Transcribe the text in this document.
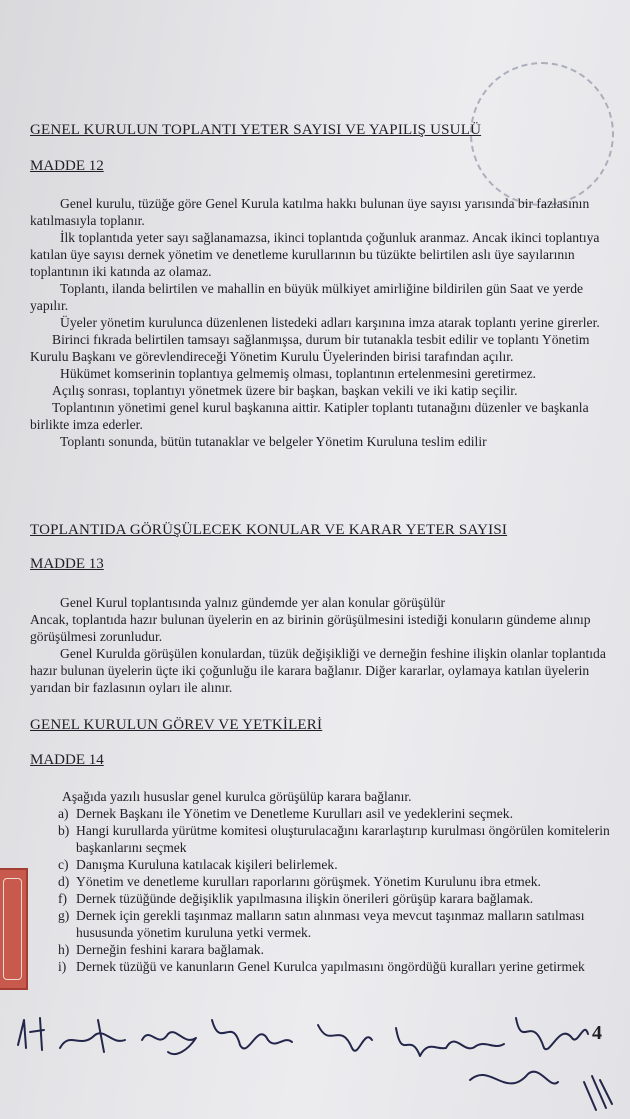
GENEL KURULUN TOPLANTI YETER SAYISI VE YAPILIŞ USULÜ
MADDE 12

Genel kurulu, tüzüğe göre Genel Kurula katılma hakkı bulunan üye sayısı yarısında bir fazlasının katılmasıyla toplanır.

İlk toplantıda yeter sayı sağlanamazsa, ikinci toplantıda çoğunluk aranmaz. Ancak ikinci toplantıya katılan üye sayısı dernek yönetim ve denetleme kurullarının bu tüzükte belirtilen aslı üye sayılarının toplantının iki katında az olamaz.

Toplantı, ilanda belirtilen ve mahallin en büyük mülkiyet amirliğine bildirilen gün Saat ve yerde yapılır.

Üyeler yönetim kurulunca düzenlenen listedeki adları karşınına imza atarak toplantı yerine girerler.

Birinci fıkrada belirtilen tamsayı sağlanmışsa, durum bir tutanakla tesbit edilir ve toplantı Yönetim Kurulu Başkanı ve görevlendireceği Yönetim Kurulu Üyelerinden birisi tarafından açılır.

Hükümet komserinin toplantıya gelmemiş olması, toplantının ertelenmesini geretirmez.

Açılış sonrası, toplantıyı yönetmek üzere bir başkan, başkan vekili ve iki katip seçilir.

Toplantının yönetimi genel kurul başkanına aittir. Katipler toplantı tutanağını düzenler ve başkanla birlikte imza ederler.

Toplantı sonunda, bütün tutanaklar ve belgeler Yönetim Kuruluna teslim edilir

TOPLANTIDA GÖRÜŞÜLECEK KONULAR VE KARAR YETER SAYISI
MADDE 13

Genel Kurul toplantısında yalnız gündemde yer alan konular görüşülür

Ancak, toplantıda hazır bulunan üyelerin en az birinin görüşülmesini istediği konuların gündeme alınıp görüşülmesi zorunludur.

Genel Kurulda görüşülen konulardan, tüzük değişikliği ve derneğin feshine ilişkin olanlar toplantıda hazır bulunan üyelerin üçte iki çoğunluğu ile karara bağlanır. Diğer kararlar, oylamaya katılan üyelerin yarıdan bir fazlasının oyları ile alınır.

GENEL KURULUN GÖREV VE YETKİLERİ
MADDE 14

Aşağıda yazılı hususlar genel kurulca görüşülüp karara bağlanır.

a) Dernek Başkanı ile Yönetim ve Denetleme Kurulları asil ve yedeklerini seçmek.
b) Hangi kurullarda yürütme komitesi oluşturulacağını kararlaştırıp kurulması öngörülen komitelerin başkanlarını seçmek
c) Danışma Kuruluna katılacak kişileri belirlemek.
d) Yönetim ve denetleme kurulları raporlarını görüşmek. Yönetim Kurulunu ibra etmek.
f) Dernek tüzüğünde değişiklik yapılmasına ilişkin önerileri görüşüp karara bağlamak.
g) Dernek için gerekli taşınmaz malların satın alınması veya mevcut taşınmaz malların satılması hususunda yönetim kuruluna yetki vermek.
h) Derneğin feshini karara bağlamak.
i) Dernek tüzüğü ve kanunların Genel Kurulca yapılmasını öngördüğü kuralları yerine getirmek
4
